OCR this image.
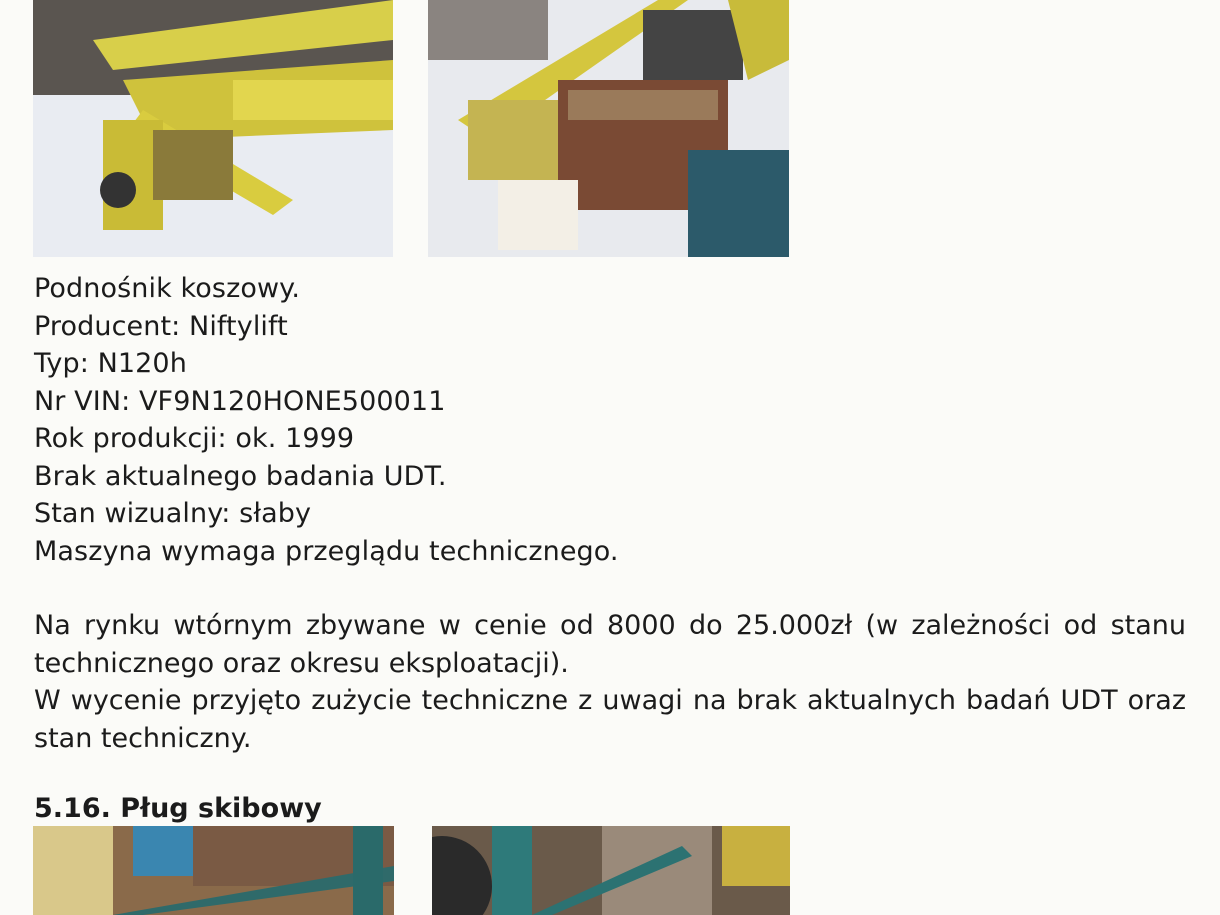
Podnośnik koszowy.
Producent: Niftylift
Typ: N120h
Nr VIN: VF9N120HONE500011
Rok produkcji: ok. 1999
Brak aktualnego badania UDT.
Stan wizualny: słaby
Maszyna wymaga przeglądu technicznego.
Na rynku wtórnym zbywane w cenie od 8000 do 25.000zł (w zależności od stanu technicznego oraz okresu eksploatacji).
W wycenie przyjęto zużycie techniczne z uwagi na brak aktualnych badań UDT oraz stan techniczny.
5.16. Pług skibowy
